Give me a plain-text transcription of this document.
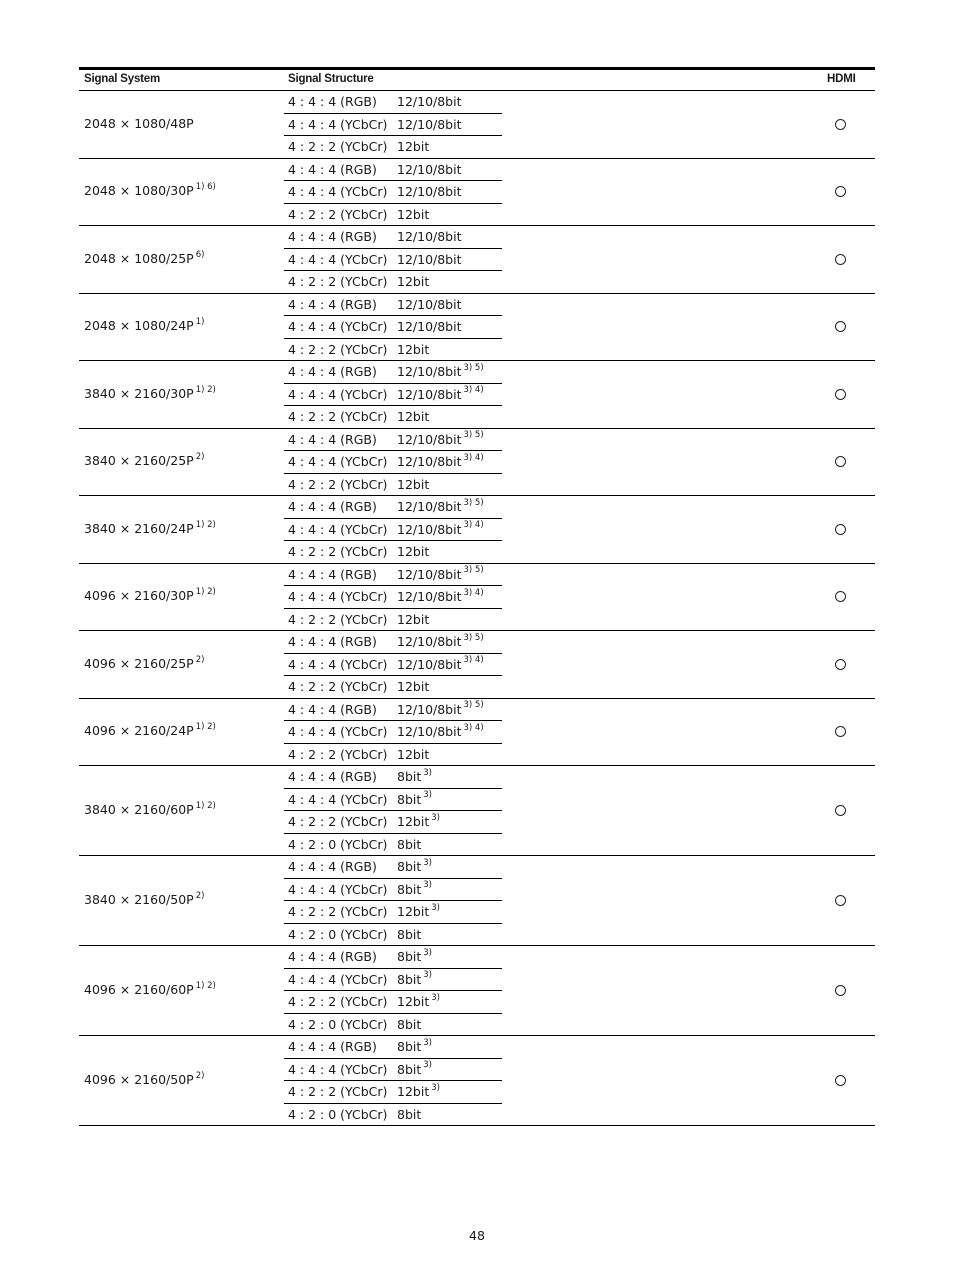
Signal System	Signal Structure	HDMI
2048 × 1080/48P
4 : 4 : 4 (RGB) 12/10/8bit
4 : 4 : 4 (YCbCr) 12/10/8bit
4 : 2 : 2 (YCbCr) 12bit
2048 × 1080/30P $^{1) 6)}$
4 : 4 : 4 (RGB) 12/10/8bit
4 : 4 : 4 (YCbCr) 12/10/8bit
4 : 2 : 2 (YCbCr) 12bit
2048 × 1080/25P $^{6)}$
4 : 4 : 4 (RGB) 12/10/8bit
4 : 4 : 4 (YCbCr) 12/10/8bit
4 : 2 : 2 (YCbCr) 12bit
2048 × 1080/24P $^{1)}$
4 : 4 : 4 (RGB) 12/10/8bit
4 : 4 : 4 (YCbCr) 12/10/8bit
4 : 2 : 2 (YCbCr) 12bit
3840 × 2160/30P $^{1) 2)}$
4 : 4 : 4 (RGB) 12/10/8bit $^{3) 5)}$
4 : 4 : 4 (YCbCr) 12/10/8bit $^{3) 4)}$
4 : 2 : 2 (YCbCr) 12bit
3840 × 2160/25P $^{2)}$
4 : 4 : 4 (RGB) 12/10/8bit $^{3) 5)}$
4 : 4 : 4 (YCbCr) 12/10/8bit $^{3) 4)}$
4 : 2 : 2 (YCbCr) 12bit
3840 × 2160/24P $^{1) 2)}$
4 : 4 : 4 (RGB) 12/10/8bit $^{3) 5)}$
4 : 4 : 4 (YCbCr) 12/10/8bit $^{3) 4)}$
4 : 2 : 2 (YCbCr) 12bit
4096 × 2160/30P $^{1) 2)}$
4 : 4 : 4 (RGB) 12/10/8bit $^{3) 5)}$
4 : 4 : 4 (YCbCr) 12/10/8bit $^{3) 4)}$
4 : 2 : 2 (YCbCr) 12bit
4096 × 2160/25P $^{2)}$
4 : 4 : 4 (RGB) 12/10/8bit $^{3) 5)}$
4 : 4 : 4 (YCbCr) 12/10/8bit $^{3) 4)}$
4 : 2 : 2 (YCbCr) 12bit
4096 × 2160/24P $^{1) 2)}$
4 : 4 : 4 (RGB) 12/10/8bit $^{3) 5)}$
4 : 4 : 4 (YCbCr) 12/10/8bit $^{3) 4)}$
4 : 2 : 2 (YCbCr) 12bit
3840 × 2160/60P $^{1) 2)}$
4 : 4 : 4 (RGB) 8bit $^{3)}$
4 : 4 : 4 (YCbCr) 8bit $^{3)}$
4 : 2 : 2 (YCbCr) 12bit $^{3)}$
4 : 2 : 0 (YCbCr) 8bit
3840 × 2160/50P $^{2)}$
4 : 4 : 4 (RGB) 8bit $^{3)}$
4 : 4 : 4 (YCbCr) 8bit $^{3)}$
4 : 2 : 2 (YCbCr) 12bit $^{3)}$
4 : 2 : 0 (YCbCr) 8bit
4096 × 2160/60P $^{1) 2)}$
4 : 4 : 4 (RGB) 8bit $^{3)}$
4 : 4 : 4 (YCbCr) 8bit $^{3)}$
4 : 2 : 2 (YCbCr) 12bit $^{3)}$
4 : 2 : 0 (YCbCr) 8bit
4096 × 2160/50P $^{2)}$
4 : 4 : 4 (RGB) 8bit $^{3)}$
4 : 4 : 4 (YCbCr) 8bit $^{3)}$
4 : 2 : 2 (YCbCr) 12bit $^{3)}$
4 : 2 : 0 (YCbCr) 8bit
48
